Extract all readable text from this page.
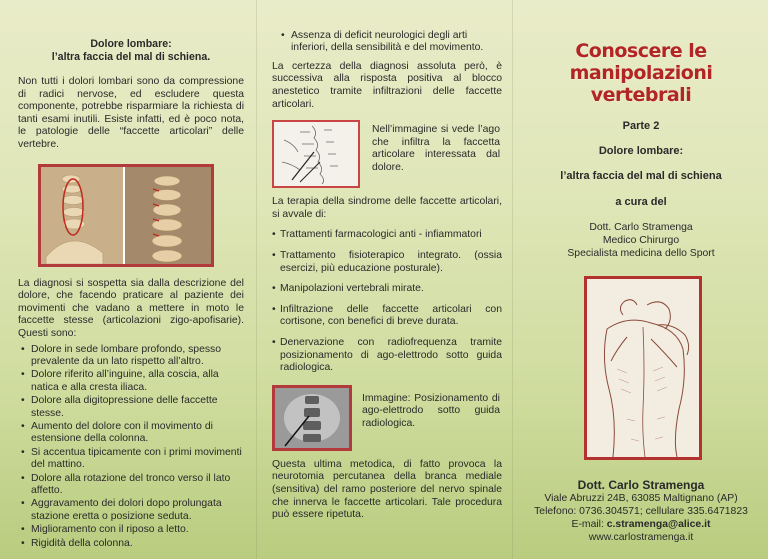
Dolore lombare:
l’altra faccia del mal di schiena.

Non tutti i dolori lombari sono da compressione di radici nervose, ed escludere questa componente, potrebbe risparmiare la richiesta di tanti esami inutili. Esiste infatti, ed è poco nota, le patologie delle “faccette articolari” delle vertebre.

La diagnosi si sospetta sia dalla descrizione del dolore, che facendo praticare al paziente dei movimenti che vadano a mettere in moto le faccette stesse (articolazioni zigo-apofisarie). Questi sono:

• Dolore in sede lombare profondo, spesso prevalente da un lato rispetto all’altro.
• Dolore riferito all’inguine, alla coscia, alla natica e alla cresta iliaca.
• Dolore alla digitopressione delle faccette stesse.
• Aumento del dolore con il movimento di estensione della colonna.
• Si accentua tipicamente con i primi movimenti del mattino.
• Dolore alla rotazione del tronco verso il lato affetto.
• Aggravamento dei dolori dopo prolungata stazione eretta o posizione seduta.
• Miglioramento con il riposo a letto.
• Rigidità della colonna.
• Assenza di deficit neurologici degli arti inferiori, della sensibilità e del movimento.

La certezza della diagnosi assoluta però, è successiva alla risposta positiva al blocco anestetico tramite infiltrazioni delle faccette articolari.

Nell’immagine si vede l’ago che infiltra la faccetta articolare interessata dal dolore.

La terapia della sindrome delle faccette articolari, si avvale di:

• Trattamenti farmacologici anti - infiammatori
• Trattamento fisioterapico integrato. (ossia esercizi, più educazione posturale).
• Manipolazioni vertebrali mirate.
• Infiltrazione delle faccette articolari con cortisone, con benefici di breve durata.
• Denervazione con radiofrequenza tramite posizionamento di ago-elettrodo sotto guida radiologica.

Immagine: Posizionamento di ago-elettrodo sotto guida radiologica.

Questa ultima metodica, di fatto provoca la neurotomia percutanea della branca mediale (sensitiva) del ramo posteriore del nervo spinale che innerva le faccette articolari. Tale procedura può essere ripetuta.

Conoscere le manipolazioni
vertebrali
Parte 2
Dolore lombare:
l’altra faccia del mal di schiena
a cura del
Dott. Carlo Stramenga
Medico Chirurgo
Specialista medicina dello Sport
Dott. Carlo Stramenga
Viale Abruzzi 24B, 63085 Maltignano (AP)
Telefono: 0736.304571; cellulare 335.6471823
E-mail: c.stramenga@alice.it
www.carlostramenga.it
